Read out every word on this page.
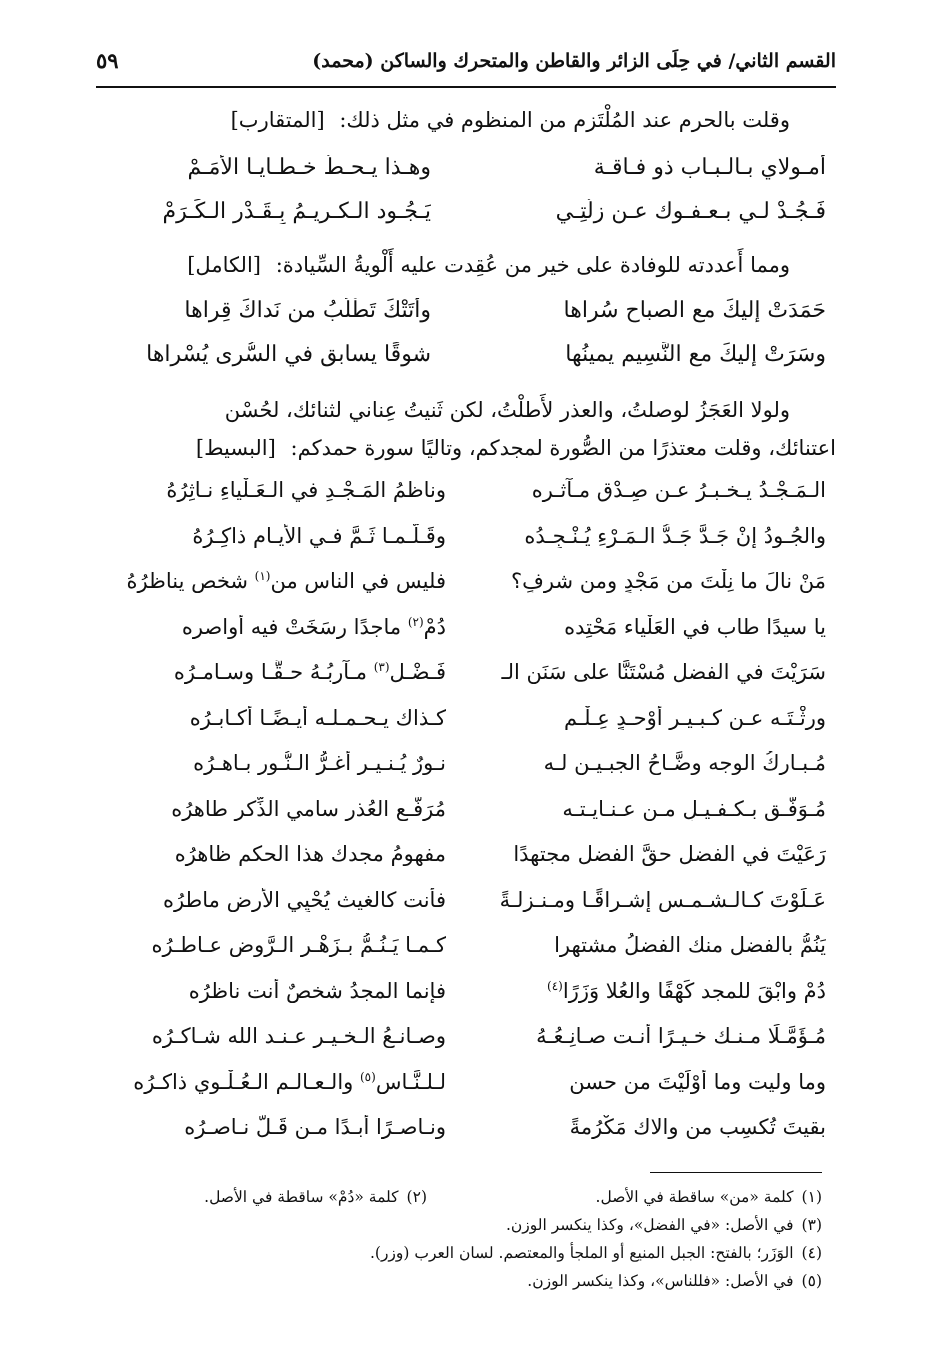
القسم الثاني/ في حِلَى الزائر والقاطن والمتحرك والساكن (محمد)
٥٩
وقلت بالحرم عند المُلْتَزم من المنظوم في مثل ذلك: [المتقارب]
أَمـولاي بـالـبـاب ذو فـاقـة
وهـذا يـحـطُّ خـطـايـا الأُمَـمْ
فَـجُـدْ لـي بـعـفـوك عـن زلَّتِـي
يَـجُـود الـكـريـمُ بِـقَـدْر الـكَـرَمْ
ومما أَعددته للوفادة على خير من عُقِدت عليه أَلْويةُ السِّيادة: [الكامل]
حَمَدَتْ إليكَ مع الصباح سُراها
وأَتَتْكَ تَطْلُبُ من نَداكَ قِراها
وسَرَتْ إليكَ مع النَّسِيم يمينُها
شوقًا يسابق في السُّرى يُسْراها
ولولا العَجَزُ لوصلتُ، والعذر لأَطلْتُ، لكن ثَنيتُ عِناني لثنائك، لحُسْن
اعتنائك، وقلت معتذرًا من الصُّورة لمجدكم، وتاليًا سورة حمدكم: [البسيط]
الـمَـجْـدُ يـخـبـرُ عـن صِـدْق مـآثـره
وناظمُ المَـجْـدِ في الـعَـلْياءِ نـاثِرُهُ
والجُـودُ إنْ جَـدَّ جَـدُّ الـمَـرْءِ يُـنْـجِـدُه
وقَـلَّـمـا ثَـمَّ فـي الأيـام ذاكِـرُهُ
مَنْ نالَ ما نِلْتَ من مَجْدٍ ومن شرفٍ؟
فليس في الناس من$^{(١)}$ شخصٍ يناظرُهُ
يا سيدًا طاب في العَلْياء مَحْتِده
دُمْ$^{(٢)}$ ماجدًا رسَخَتْ فيه أَواصره
سَرَيْتَ في الفضل مُسْتَنًّا على سَنَنِ الـ
فَـضْـلِ$^{(٣)}$ مـآربُـهُ حـقًّـا وسـامـرُه
ورِثْـتَـه عـن كـبـيـر أَوْحـدٍ عِـلْـمٍ
كـذاك يـحـمـلـه أيـضًـا أكـابـرُه
مُـبـاركُ الوجه وضَّـاحُ الجبـيـن لـه
نـورٌ يُـنـيـر أغـرُّ الـنُّـور بـاهـرُه
مُـوَفَّـق بـكـفـيـلٍ مـن عـنـايـتـه
مُرَفَّـع العُذر سامي الذِّكر طاهرُه
رَعَيْتَ في الفضل حقَّ الفضل مجتهدًا
مفهومُ مجدك هذا الحكم ظاهرُه
عَـلَوْتَ كـالـشـمـس إشـراقًـا ومـنـزلـةً
فأَنت كالغيث يُحْيِي الأرض ماطرُه
يَنُمُّ بالفضل منك الفضلُ مشتهرا
كـمـا يَـنُـمُّ بـزَهْـر الـرَّوض عـاطـرُه
دُمْ وابْقَ للمجد كَهْفًا والعُلا وَزَرًا$^{(٤)}$
فإنما المجدُ شخصٌ أنت ناظرُه
مُـؤَمَّـلًا مـنـك خـيـرًا أنـت صـانِـعُـهُ
وصـانـعُ الـخـيـر عـنـد الله شـاكـرُه
وما وليت وما أَوْلَيْتَ من حسنٍ
لـلـنَّـاس$^{(٥)}$ والـعـالـم الـعُـلْـوي ذاكـرُه
بقيتَ تُكسِب من والاك مَكْرُمةً
ونـاصـرًا أبـدًا مـن قَـلَّ نـاصـرُه
(١)كلمة «من» ساقطة في الأصل.
(٢)كلمة «دُمْ» ساقطة في الأصل.
(٣)في الأصل: «في الفضل»، وكذا ينكسر الوزن.
(٤)الوَزَر؛ بالفتح: الجبل المنيع أو الملجأ والمعتصم. لسان العرب (وزر).
(٥)في الأصل: «فللناس»، وكذا ينكسر الوزن.
